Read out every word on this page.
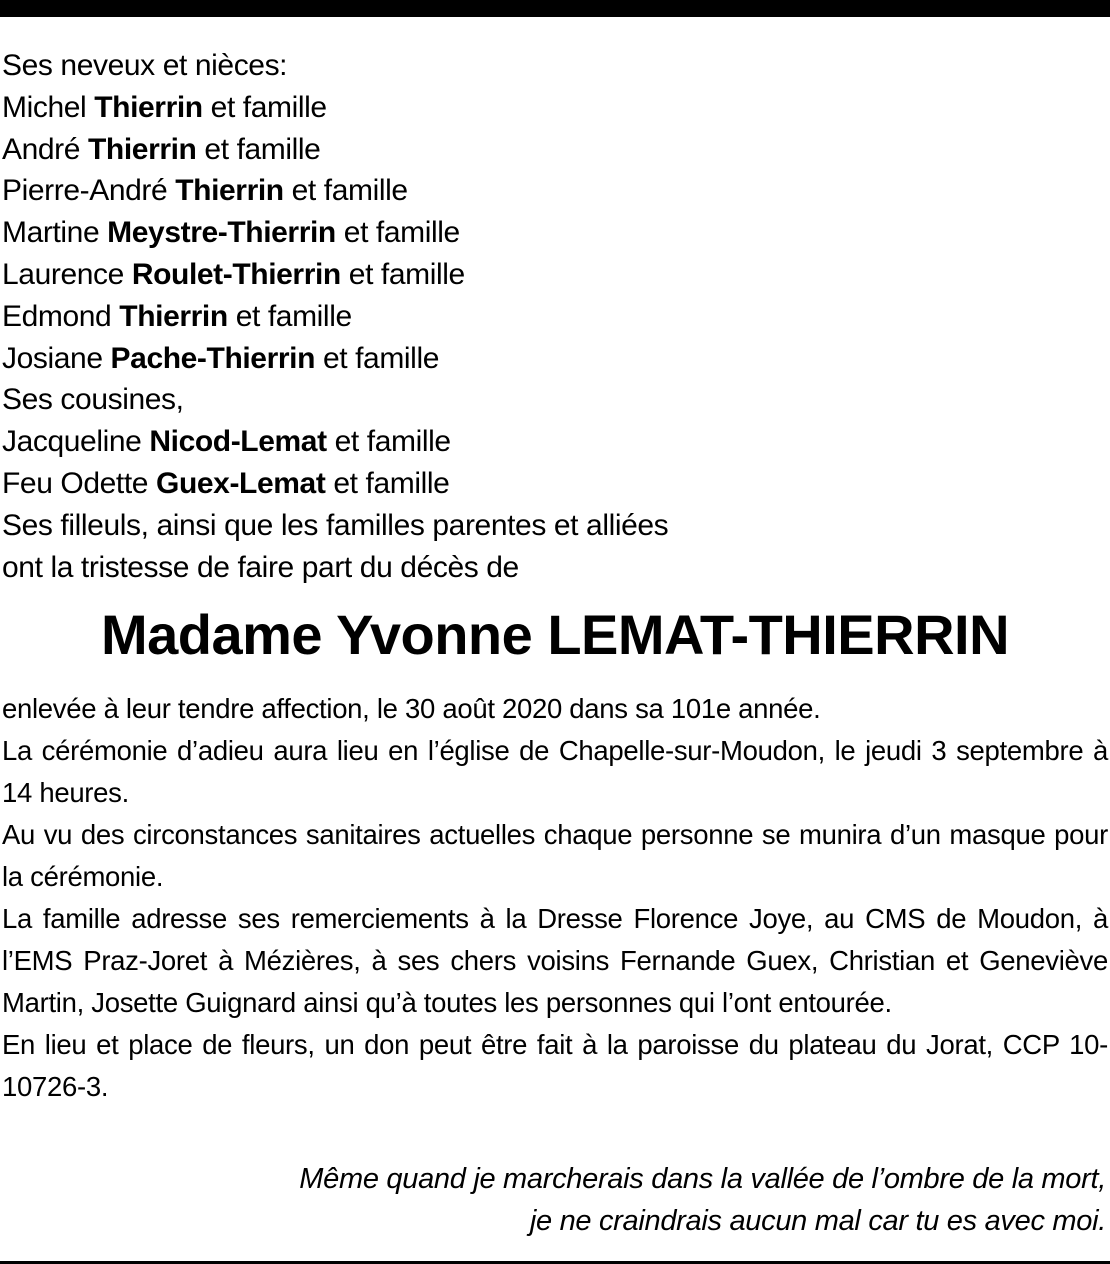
Ses neveux et nièces:
Michel Thierrin et famille
André Thierrin et famille
Pierre-André Thierrin et famille
Martine Meystre-Thierrin et famille
Laurence Roulet-Thierrin et famille
Edmond Thierrin et famille
Josiane Pache-Thierrin et famille
Ses cousines,
Jacqueline Nicod-Lemat et famille
Feu Odette Guex-Lemat et famille
Ses filleuls, ainsi que les familles parentes et alliées
ont la tristesse de faire part du décès de
Madame Yvonne LEMAT-THIERRIN
enlevée à leur tendre affection, le 30 août 2020 dans sa 101e année.
La cérémonie d’adieu aura lieu en l’église de Chapelle-sur-Moudon, le jeudi 3 septembre à 14 heures.
Au vu des circonstances sanitaires actuelles chaque personne se munira d’un masque pour la cérémonie.
La famille adresse ses remerciements à la Dresse Florence Joye, au CMS de Moudon, à l’EMS Praz-Joret à Mézières, à ses chers voisins Fernande Guex, Christian et Geneviève Martin, Josette Guignard ainsi qu’à toutes les personnes qui l’ont entourée.
En lieu et place de fleurs, un don peut être fait à la paroisse du plateau du Jorat, CCP 10-10726-3.
Même quand je marcherais dans la vallée de l’ombre de la mort,
je ne craindrais aucun mal car tu es avec moi.
